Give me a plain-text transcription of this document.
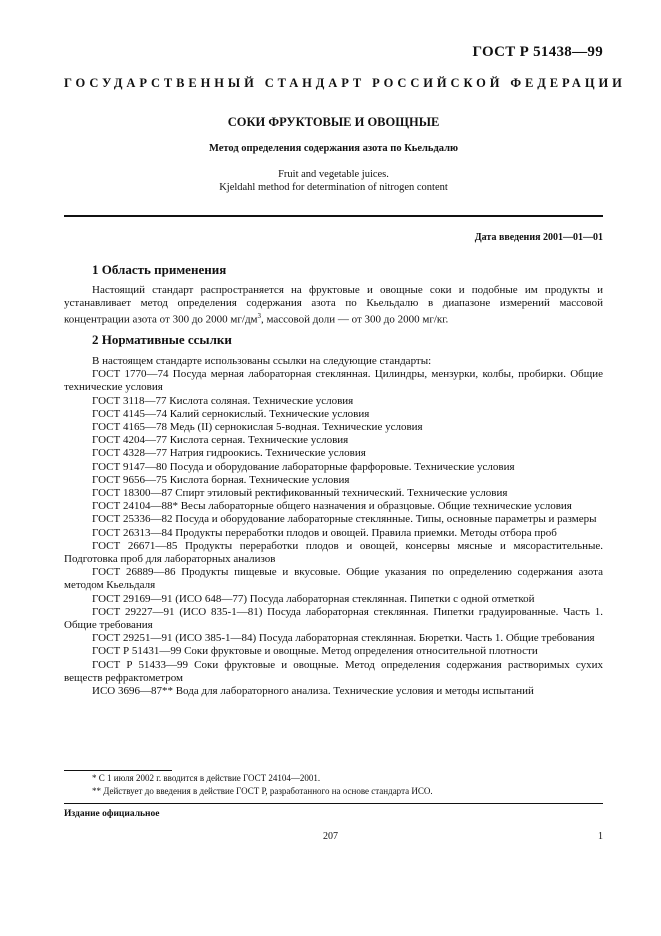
ГОСТ Р 51438—99
ГОСУДАРСТВЕННЫЙ СТАНДАРТ РОССИЙСКОЙ ФЕДЕРАЦИИ
СОКИ ФРУКТОВЫЕ И ОВОЩНЫЕ
Метод определения содержания азота по Кьельдалю
Fruit and vegetable juices.
Kjeldahl method for determination of nitrogen content
Дата введения 2001—01—01
1 Область применения

Настоящий стандарт распространяется на фруктовые и овощные соки и подобные им продукты и устанавливает метод определения содержания азота по Кьельдалю в диапазоне измерений массовой концентрации азота от 300 до 2000 $мг/дм^3$, массовой доли — от 300 до 2000 мг/кг.

2 Нормативные ссылки

В настоящем стандарте использованы ссылки на следующие стандарты:

ГОСТ 1770—74 Посуда мерная лабораторная стеклянная. Цилиндры, мензурки, колбы, пробирки. Общие технические условия

ГОСТ 3118—77 Кислота соляная. Технические условия

ГОСТ 4145—74 Калий сернокислый. Технические условия

ГОСТ 4165—78 Медь (II) сернокислая 5-водная. Технические условия

ГОСТ 4204—77 Кислота серная. Технические условия

ГОСТ 4328—77 Натрия гидроокись. Технические условия

ГОСТ 9147—80 Посуда и оборудование лабораторные фарфоровые. Технические условия

ГОСТ 9656—75 Кислота борная. Технические условия

ГОСТ 18300—87 Спирт этиловый ректификованный технический. Технические условия

ГОСТ 24104—88* Весы лабораторные общего назначения и образцовые. Общие технические условия

ГОСТ 25336—82 Посуда и оборудование лабораторные стеклянные. Типы, основные параметры и размеры

ГОСТ 26313—84 Продукты переработки плодов и овощей. Правила приемки. Методы отбора проб

ГОСТ 26671—85 Продукты переработки плодов и овощей, консервы мясные и мясорастительные. Подготовка проб для лабораторных анализов

ГОСТ 26889—86 Продукты пищевые и вкусовые. Общие указания по определению содержания азота методом Кьельдаля

ГОСТ 29169—91 (ИСО 648—77) Посуда лабораторная стеклянная. Пипетки с одной отметкой

ГОСТ 29227—91 (ИСО 835-1—81) Посуда лабораторная стеклянная. Пипетки градуированные. Часть 1. Общие требования

ГОСТ 29251—91 (ИСО 385-1—84) Посуда лабораторная стеклянная. Бюретки. Часть 1. Общие требования

ГОСТ Р 51431—99 Соки фруктовые и овощные. Метод определения относительной плотности

ГОСТ Р 51433—99 Соки фруктовые и овощные. Метод определения содержания растворимых сухих веществ рефрактометром

ИСО 3696—87** Вода для лабораторного анализа. Технические условия и методы испытаний

* С 1 июля 2002 г. вводится в действие ГОСТ 24104—2001.

** Действует до введения в действие ГОСТ Р, разработанного на основе стандарта ИСО.

Издание официальное
207	1
